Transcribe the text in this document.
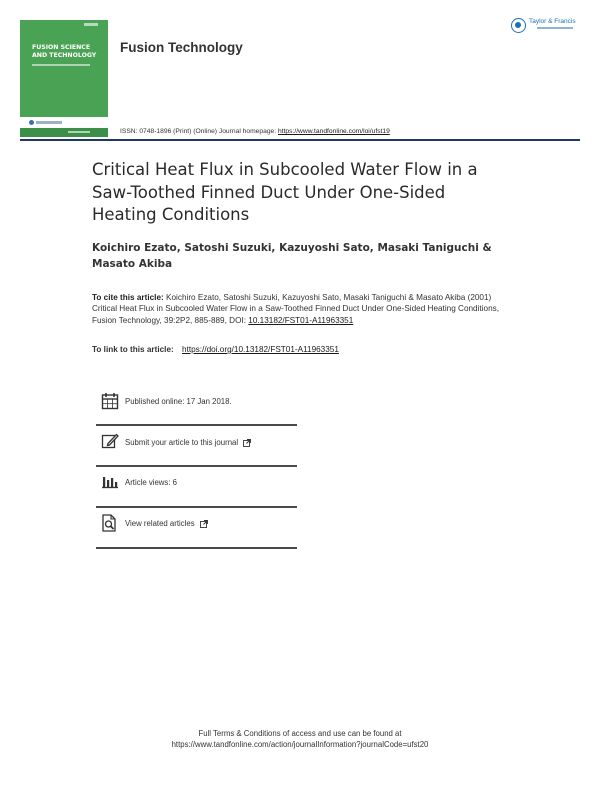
FUSION SCIENCE
AND TECHNOLOGY
Fusion Technology
Taylor & Francis
ISSN: 0748-1896 (Print) (Online) Journal homepage: https://www.tandfonline.com/loi/ufst19
Critical Heat Flux in Subcooled Water Flow in a Saw-Toothed Finned Duct Under One-Sided Heating Conditions
Koichiro Ezato, Satoshi Suzuki, Kazuyoshi Sato, Masaki Taniguchi & Masato Akiba
To cite this article: Koichiro Ezato, Satoshi Suzuki, Kazuyoshi Sato, Masaki Taniguchi & Masato Akiba (2001) Critical Heat Flux in Subcooled Water Flow in a Saw-Toothed Finned Duct Under One-Sided Heating Conditions, Fusion Technology, 39:2P2, 885-889, DOI: 10.13182/FST01-A11963351
To link to this article: https://doi.org/10.13182/FST01-A11963351
Published online: 17 Jan 2018.
Submit your article to this journal
Article views: 6
View related articles
Full Terms & Conditions of access and use can be found at
https://www.tandfonline.com/action/journalInformation?journalCode=ufst20
